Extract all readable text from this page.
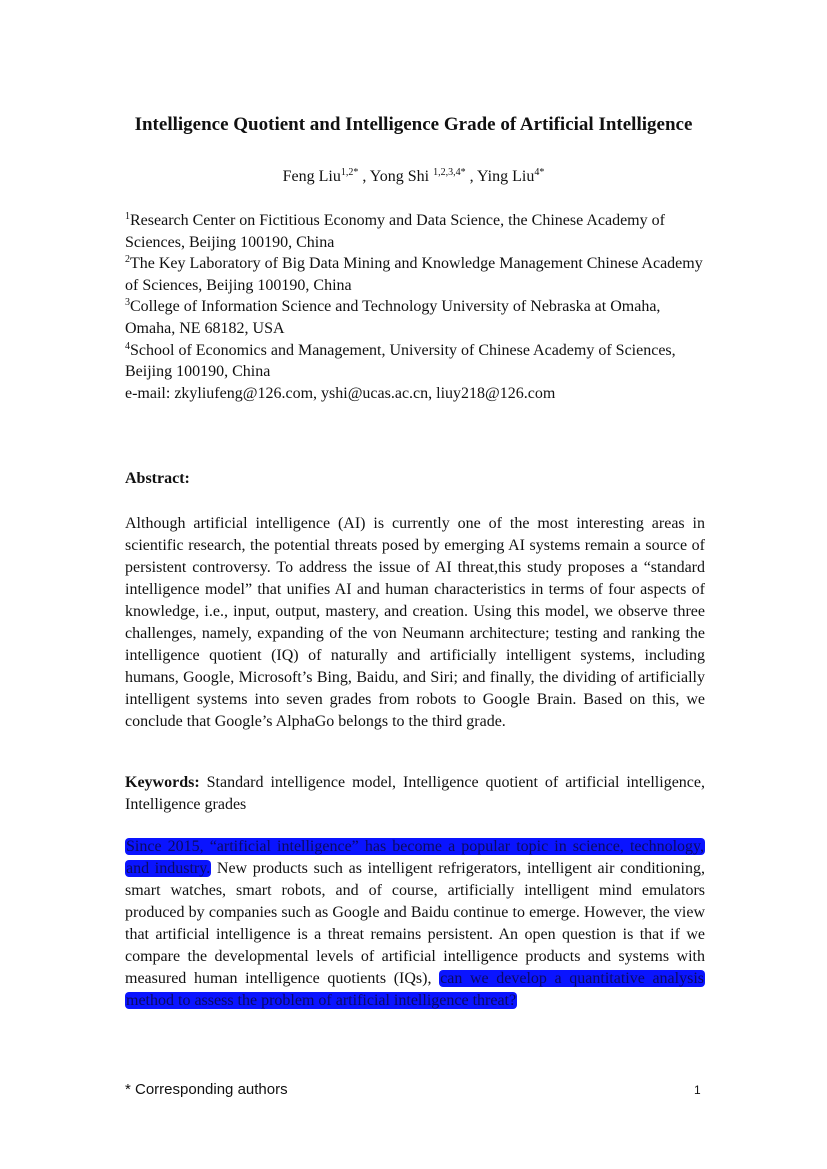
Intelligence Quotient and Intelligence Grade of Artificial Intelligence
Feng Liu$^{1,2*}$ , Yong Shi $^{1,2,3,4*}$ , Ying Liu$^{4*}$
$^1$Research Center on Fictitious Economy and Data Science, the Chinese Academy of Sciences, Beijing 100190, China
$^2$The Key Laboratory of Big Data Mining and Knowledge Management Chinese Academy of Sciences, Beijing 100190, China
$^3$College of Information Science and Technology University of Nebraska at Omaha, Omaha, NE 68182, USA
$^4$School of Economics and Management, University of Chinese Academy of Sciences, Beijing 100190, China
e-mail: zkyliufeng@126.com, yshi@ucas.ac.cn, liuy218@126.com
Abstract:
Although artificial intelligence (AI) is currently one of the most interesting areas in scientific research, the potential threats posed by emerging AI systems remain a source of persistent controversy. To address the issue of AI threat,this study proposes a “standard intelligence model” that unifies AI and human characteristics in terms of four aspects of knowledge, i.e., input, output, mastery, and creation. Using this model, we observe three challenges, namely, expanding of the von Neumann architecture; testing and ranking the intelligence quotient (IQ) of naturally and artificially intelligent systems, including humans, Google, Microsoft’s Bing, Baidu, and Siri; and finally, the dividing of artificially intelligent systems into seven grades from robots to Google Brain. Based on this, we conclude that Google’s AlphaGo belongs to the third grade.
Keywords: Standard intelligence model, Intelligence quotient of artificial intelligence, Intelligence grades
Since 2015, “artificial intelligence” has become a popular topic in science, technology, and industry. New products such as intelligent refrigerators, intelligent air conditioning, smart watches, smart robots, and of course, artificially intelligent mind emulators produced by companies such as Google and Baidu continue to emerge. However, the view that artificial intelligence is a threat remains persistent. An open question is that if we compare the developmental levels of artificial intelligence products and systems with measured human intelligence quotients (IQs), can we develop a quantitative analysis method to assess the problem of artificial intelligence threat?
* Corresponding authors	1
